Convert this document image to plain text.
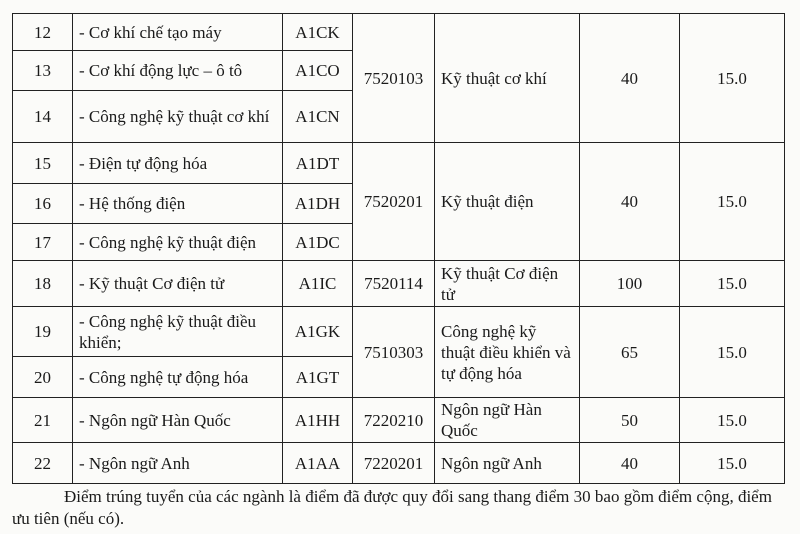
12	- Cơ khí chế tạo máy	A1CK	7520103	Kỹ thuật cơ khí	40	15.0
13	- Cơ khí động lực – ô tô	A1CO				
14	- Công nghệ kỹ thuật cơ khí	A1CN				
15	- Điện tự động hóa	A1DT	7520201	Kỹ thuật điện	40	15.0
16	- Hệ thống điện	A1DH				
17	- Công nghệ kỹ thuật điện	A1DC				
18	- Kỹ thuật Cơ điện tử	A1IC	7520114	Kỹ thuật Cơ điện tử	100	15.0
19	- Công nghệ kỹ thuật điều khiển;	A1GK	7510303	Công nghệ kỹ thuật điều khiển và tự động hóa	65	15.0
20	- Công nghệ tự động hóa	A1GT				
21	- Ngôn ngữ Hàn Quốc	A1HH	7220210	Ngôn ngữ Hàn Quốc	50	15.0
22	- Ngôn ngữ Anh	A1AA	7220201	Ngôn ngữ Anh	40	15.0

Điểm trúng tuyển của các ngành là điểm đã được quy đổi sang thang điểm 30 bao gồm điểm cộng, điểm ưu tiên (nếu có).
